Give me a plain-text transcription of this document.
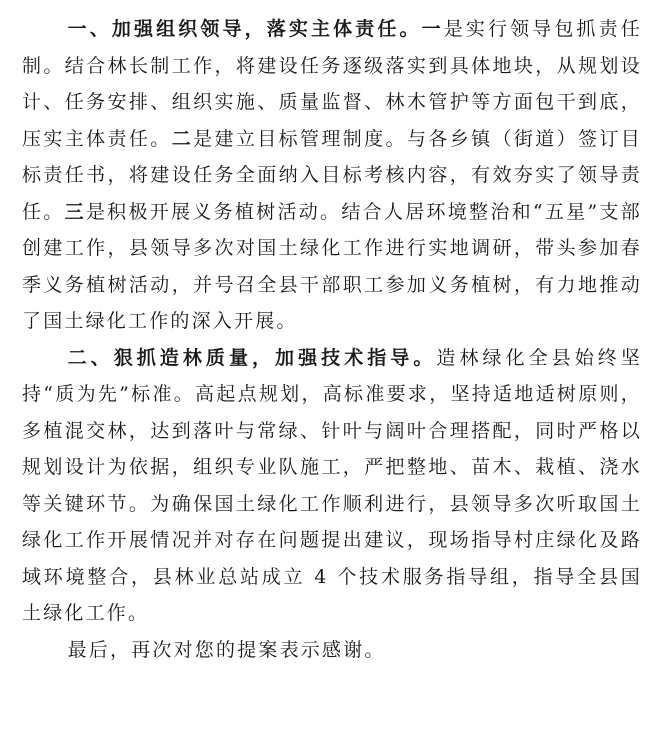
一、加强组织领导，落实主体责任。一是实行领导包抓责任制。结合林长制工作，将建设任务逐级落实到具体地块，从规划设计、任务安排、组织实施、质量监督、林木管护等方面包干到底，压实主体责任。二是建立目标管理制度。与各乡镇（街道）签订目标责任书，将建设任务全面纳入目标考核内容，有效夯实了领导责任。三是积极开展义务植树活动。结合人居环境整治和“五星”支部创建工作，县领导多次对国土绿化工作进行实地调研，带头参加春季义务植树活动，并号召全县干部职工参加义务植树，有力地推动了国土绿化工作的深入开展。

二、狠抓造林质量，加强技术指导。造林绿化全县始终坚持“质为先”标准。高起点规划，高标准要求，坚持适地适树原则，多植混交林，达到落叶与常绿、针叶与阔叶合理搭配，同时严格以规划设计为依据，组织专业队施工，严把整地、苗木、栽植、浇水等关键环节。为确保国土绿化工作顺利进行，县领导多次听取国土绿化工作开展情况并对存在问题提出建议，现场指导村庄绿化及路域环境整合，县林业总站成立 4 个技术服务指导组，指导全县国土绿化工作。

最后，再次对您的提案表示感谢。
